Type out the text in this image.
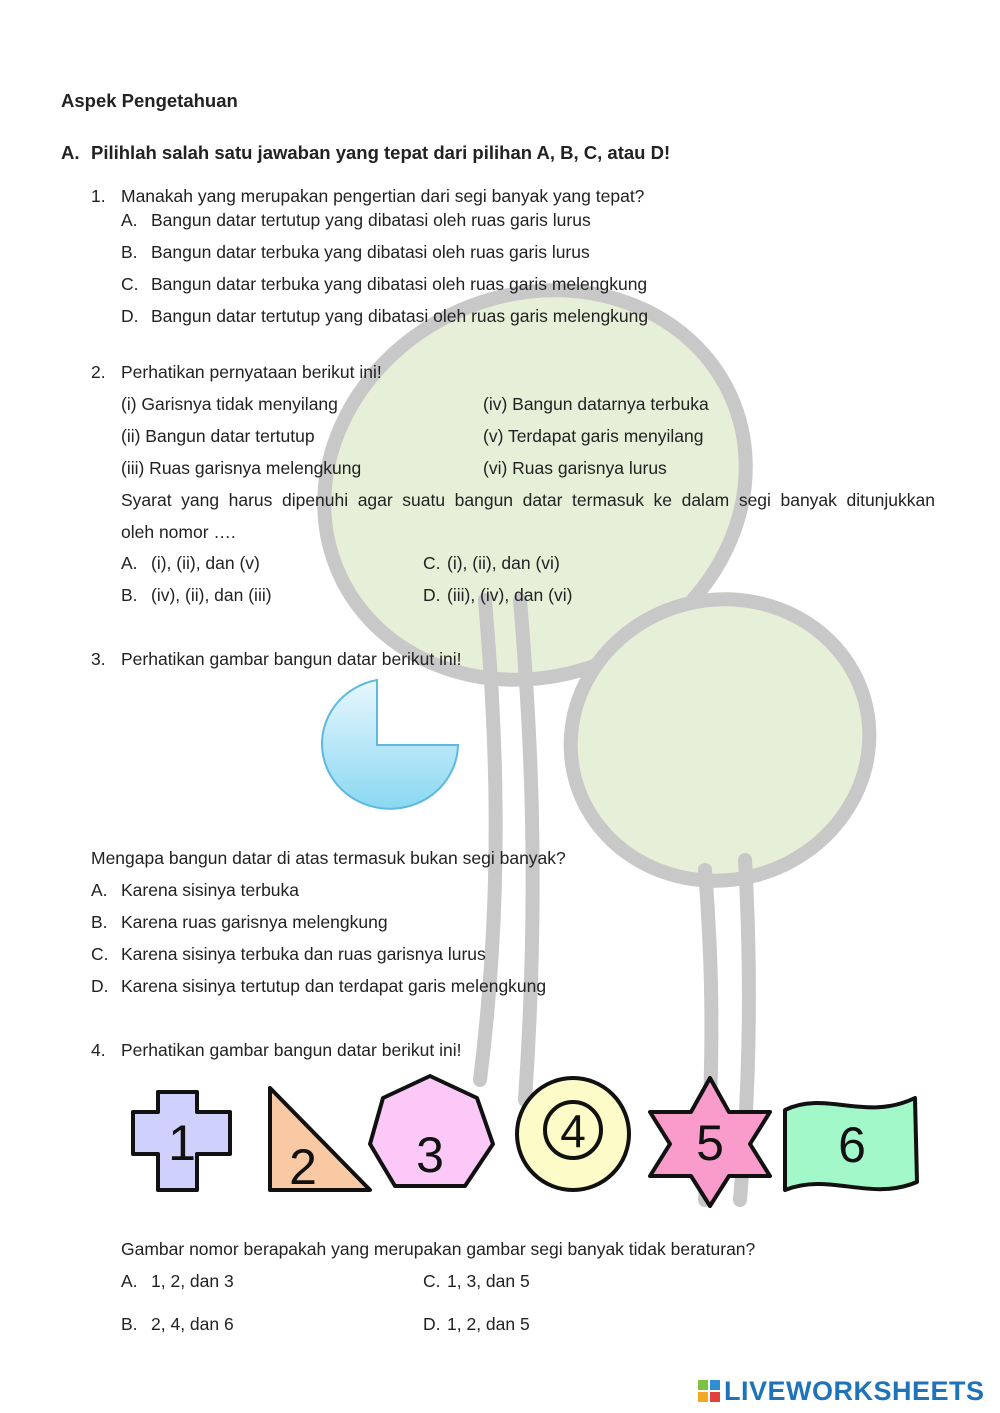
Aspek Pengetahuan
A. Pilihlah salah satu jawaban yang tepat dari pilihan A, B, C, atau D!
1. Manakah yang merupakan pengertian dari segi banyak yang tepat?
A. Bangun datar tertutup yang dibatasi oleh ruas garis lurus
B. Bangun datar terbuka yang dibatasi oleh ruas garis lurus
C. Bangun datar terbuka yang dibatasi oleh ruas garis melengkung
D. Bangun datar tertutup yang dibatasi oleh ruas garis melengkung
2. Perhatikan pernyataan berikut ini!
(i) Garisnya tidak menyilang
(ii) Bangun datar tertutup
(iii) Ruas garisnya melengkung
(iv) Bangun datarnya terbuka
(v) Terdapat garis menyilang
(vi) Ruas garisnya lurus
Syarat yang harus dipenuhi agar suatu bangun datar termasuk ke dalam segi banyak ditunjukkan
oleh nomor ….
A. (i), (ii), dan (v)
B. (iv), (ii), dan (iii)
C. (i), (ii), dan (vi)
D. (iii), (iv), dan (vi)
3. Perhatikan gambar bangun datar berikut ini!
Mengapa bangun datar di atas termasuk bukan segi banyak?
A. Karena sisinya terbuka
B. Karena ruas garisnya melengkung
C. Karena sisinya terbuka dan ruas garisnya lurus
D. Karena sisinya tertutup dan terdapat garis melengkung
4. Perhatikan gambar bangun datar berikut ini!
1 2 3	4 5 6
Gambar nomor berapakah yang merupakan gambar segi banyak tidak beraturan?
A. 1, 2, dan 3
B. 2, 4, dan 6
C. 1, 3, dan 5
D. 1, 2, dan 5
LIVEWORKSHEETS
